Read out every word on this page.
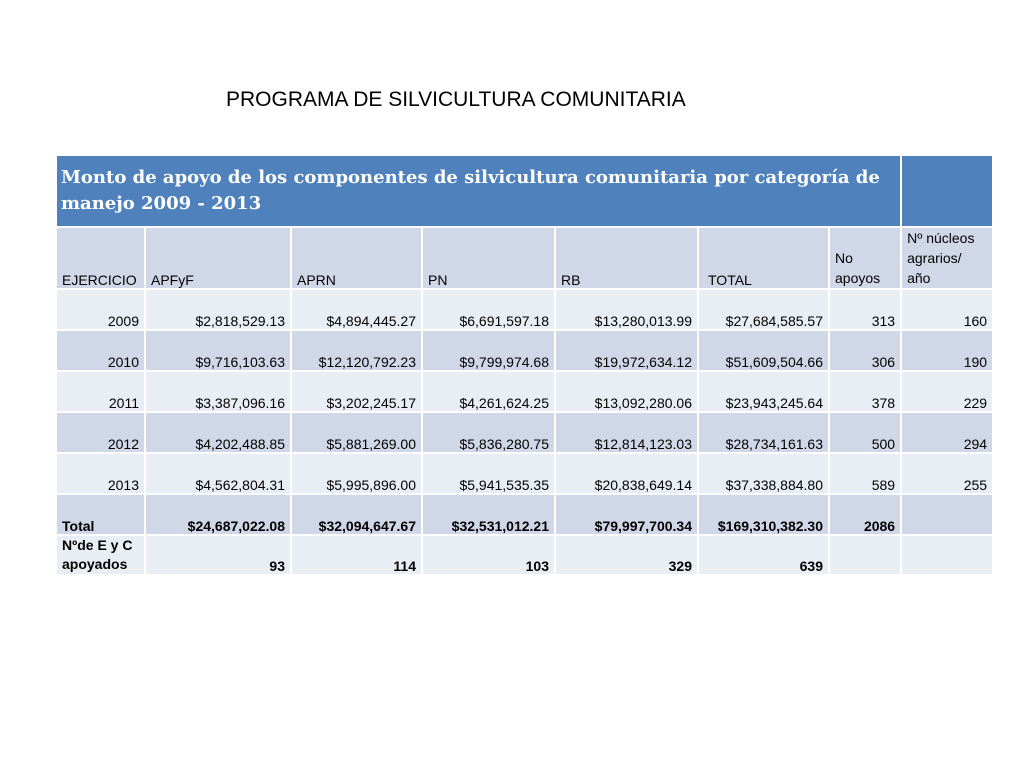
PROGRAMA DE SILVICULTURA COMUNITARIA
Monto de apoyo de los componentes de silvicultura comunitaria por categoría de manejo 2009 - 2013							
EJERCICIO	APFyF	APRN	PN	RB	TOTAL	No apoyos	Nº núcleos agrarios/ año
2009	$2,818,529.13	$4,894,445.27	$6,691,597.18	$13,280,013.99	$27,684,585.57	313	160
2010	$9,716,103.63	$12,120,792.23	$9,799,974.68	$19,972,634.12	$51,609,504.66	306	190
2011	$3,387,096.16	$3,202,245.17	$4,261,624.25	$13,092,280.06	$23,943,245.64	378	229
2012	$4,202,488.85	$5,881,269.00	$5,836,280.75	$12,814,123.03	$28,734,161.63	500	294
2013	$4,562,804.31	$5,995,896.00	$5,941,535.35	$20,838,649.14	$37,338,884.80	589	255
Total	$24,687,022.08	$32,094,647.67	$32,531,012.21	$79,997,700.34	$169,310,382.30	2086	
Nºde E y C apoyados	93	114	103	329	639		
